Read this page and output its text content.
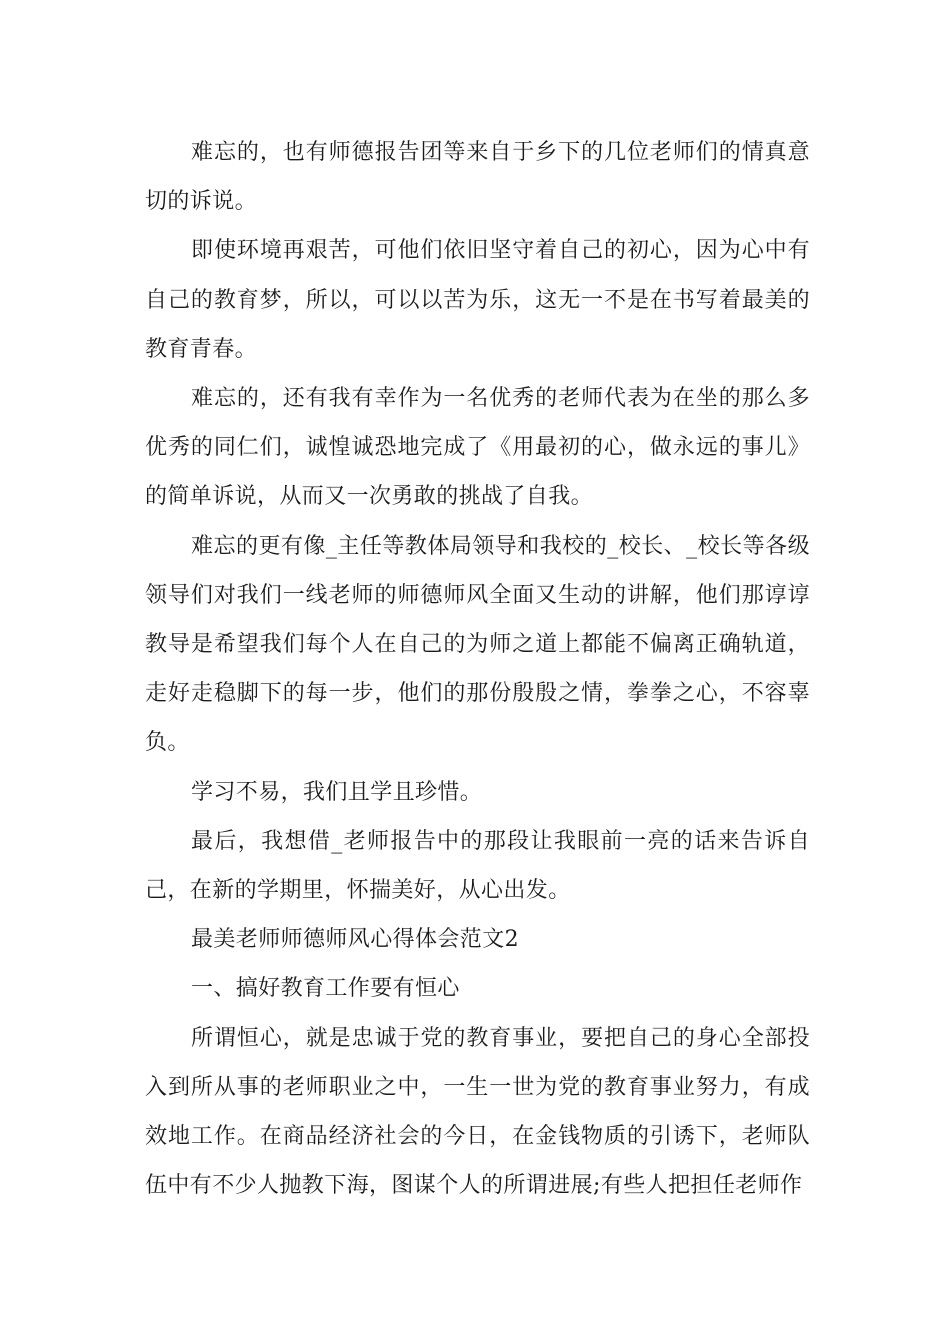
难忘的，也有师德报告团等来自于乡下的几位老师们的情真意切的诉说。

即使环境再艰苦，可他们依旧坚守着自己的初心，因为心中有自己的教育梦，所以，可以以苦为乐，这无一不是在书写着最美的教育青春。

难忘的，还有我有幸作为一名优秀的老师代表为在坐的那么多优秀的同仁们，诚惶诚恐地完成了《用最初的心，做永远的事儿》的简单诉说，从而又一次勇敢的挑战了自我。

难忘的更有像_主任等教体局领导和我校的_校长、_校长等各级领导们对我们一线老师的师德师风全面又生动的讲解，他们那谆谆教导是希望我们每个人在自己的为师之道上都能不偏离正确轨道，走好走稳脚下的每一步，他们的那份殷殷之情，拳拳之心，不容辜负。

学习不易，我们且学且珍惜。

最后，我想借_老师报告中的那段让我眼前一亮的话来告诉自己，在新的学期里，怀揣美好，从心出发。

最美老师师德师风心得体会范文2

一、搞好教育工作要有恒心

所谓恒心，就是忠诚于党的教育事业，要把自己的身心全部投入到所从事的老师职业之中，一生一世为党的教育事业努力，有成效地工作。在商品经济社会的今日，在金钱物质的引诱下，老师队伍中有不少人抛教下海，图谋个人的所谓进展;有些人把担任老师作
